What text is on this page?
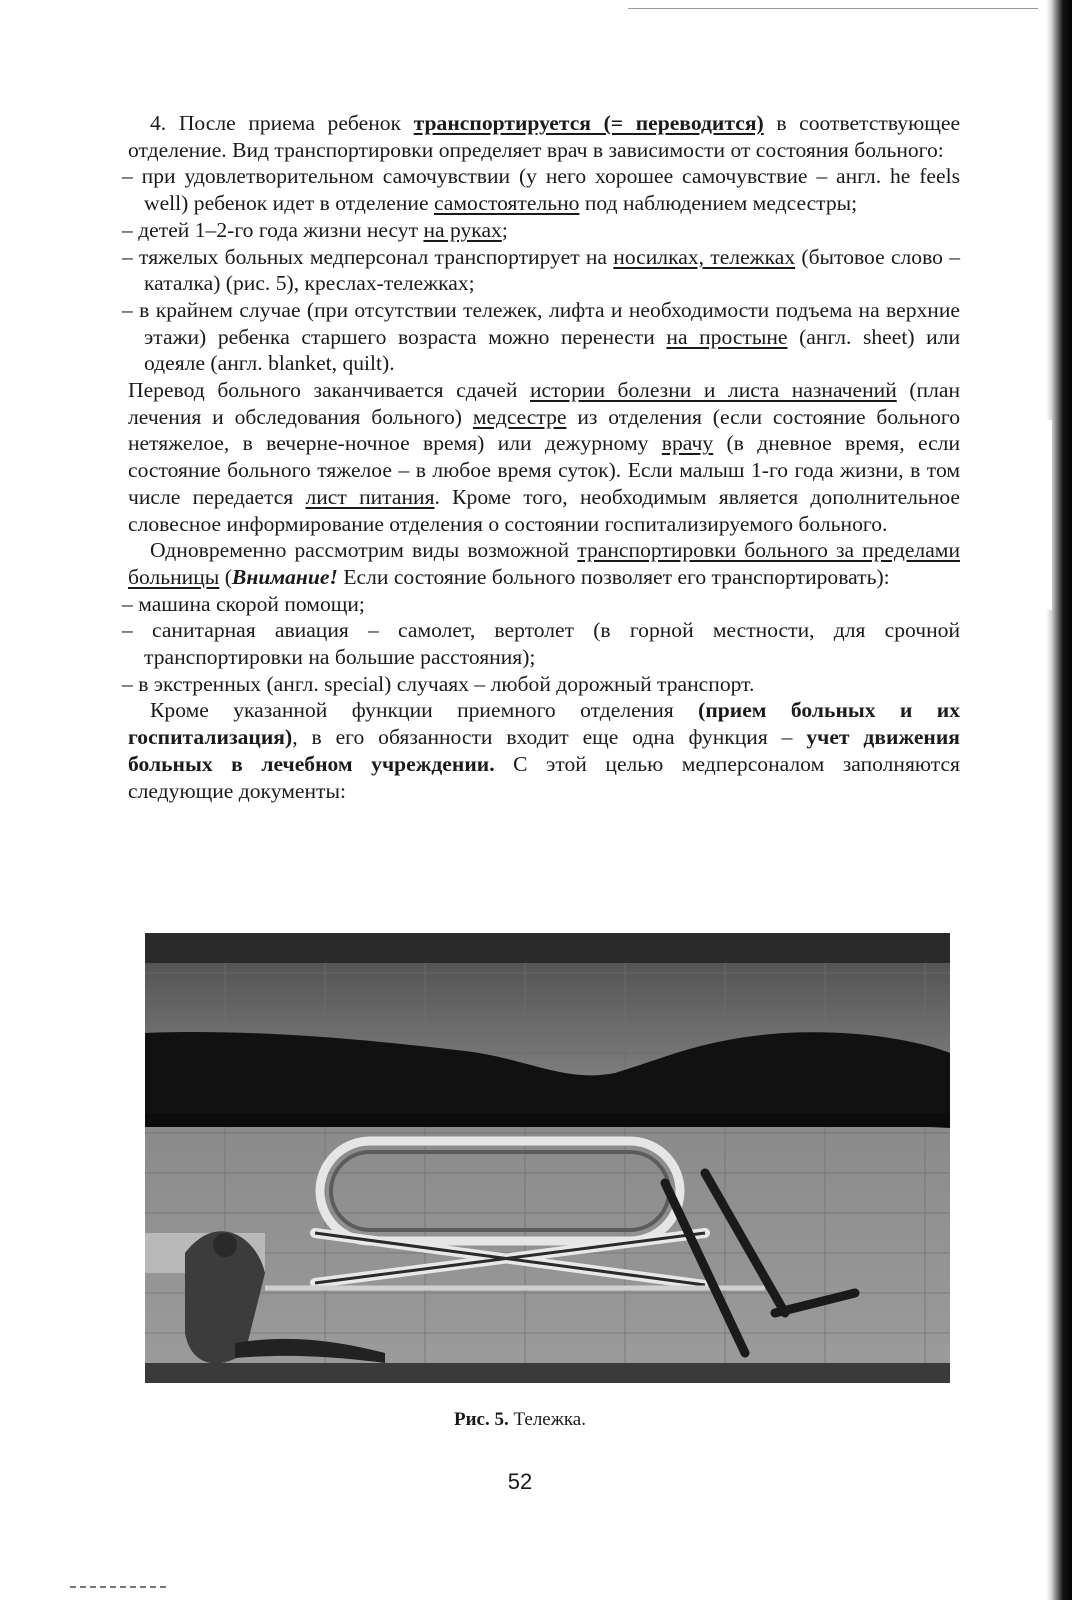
4. После приема ребенок транспортируется (= переводится) в соответствующее отделение. Вид транспортировки определяет врач в зависимости от состояния больного:

– при удовлетворительном самочувствии (у него хорошее самочувствие – англ. he feels well) ребенок идет в отделение самостоятельно под наблюдением медсестры;

– детей 1–2-го года жизни несут на руках;

– тяжелых больных медперсонал транспортирует на носилках, тележках (бытовое слово – каталка) (рис. 5), креслах-тележках;

– в крайнем случае (при отсутствии тележек, лифта и необходимости подъема на верхние этажи) ребенка старшего возраста можно перенести на простыне (англ. sheet) или одеяле (англ. blanket, quilt).

Перевод больного заканчивается сдачей истории болезни и листа назначений (план лечения и обследования больного) медсестре из отделения (если состояние больного нетяжелое, в вечерне-ночное время) или дежурному врачу (в дневное время, если состояние больного тяжелое – в любое время суток). Если малыш 1-го года жизни, в том числе передается лист питания. Кроме того, необходимым является дополнительное словесное информирование отделения о состоянии госпитализируемого больного.

Одновременно рассмотрим виды возможной транспортировки больного за пределами больницы (Внимание! Если состояние больного позволяет его транспортировать):

– машина скорой помощи;

– санитарная авиация – самолет, вертолет (в горной местности, для срочной транспортировки на большие расстояния);

– в экстренных (англ. special) случаях – любой дорожный транспорт.

Кроме указанной функции приемного отделения (прием больных и их госпитализация), в его обязанности входит еще одна функция – учет движения больных в лечебном учреждении. С этой целью медперсоналом заполняются следующие документы:

Рис. 5. Тележка.
52
